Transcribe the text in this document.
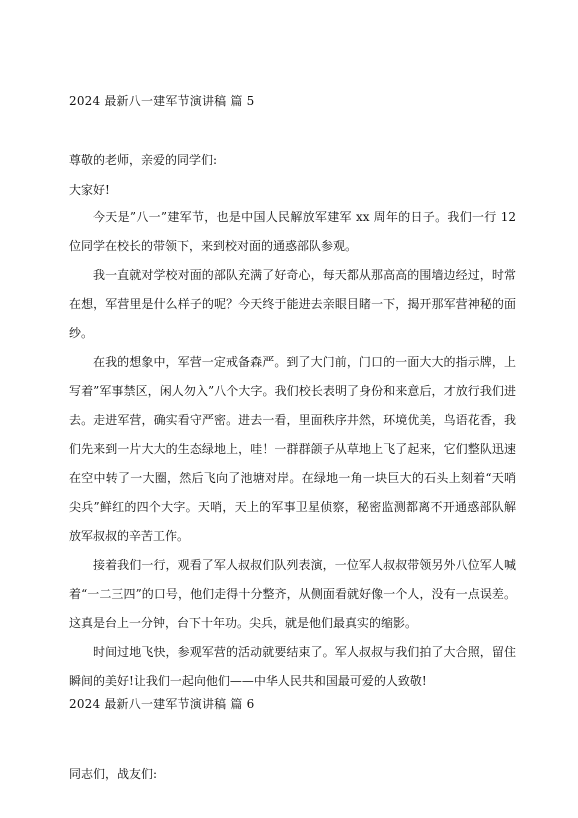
2024 最新八一建军节演讲稿 篇 5
尊敬的老师，亲爱的同学们:
大家好!

今天是”八一”建军节，也是中国人民解放军建军 xx 周年的日子。我们一行 12 位同学在校长的带领下，来到校对面的通惑部队参观。

我一直就对学校对面的部队充满了好奇心，每天都从那高高的围墙边经过，时常在想，军营里是什么样子的呢？今天终于能进去亲眼目睹一下，揭开那军营神秘的面纱。

在我的想象中，军营一定戒备森严。到了大门前，门口的一面大大的指示牌，上写着”军事禁区，闲人勿入”八个大字。我们校长表明了身份和来意后，才放行我们进去。走进军营，确实看守严密。进去一看，里面秩序井然，环境优美，鸟语花香，我们先来到一片大大的生态绿地上，哇！一群群颌子从草地上飞了起来，它们整队迅速在空中转了一大圈，然后飞向了池塘对岸。在绿地一角一块巨大的石头上刻着“天哨尖兵”鲜红的四个大字。天哨，天上的军事卫星侦察，秘密监测都离不开通惑部队解放军叔叔的辛苦工作。

接着我们一行，观看了军人叔叔们队列表演，一位军人叔叔带领另外八位军人喊着“一二三四”的口号，他们走得十分整齐，从侧面看就好像一个人，没有一点误差。这真是台上一分钟，台下十年功。尖兵，就是他们最真实的缩影。

时间过地飞快，参观军营的活动就要结束了。军人叔叔与我们拍了大合照，留住瞬间的美好!让我们一起向他们——中华人民共和国最可爱的人致敬!

2024 最新八一建军节演讲稿 篇 6
同志们，战友们:
